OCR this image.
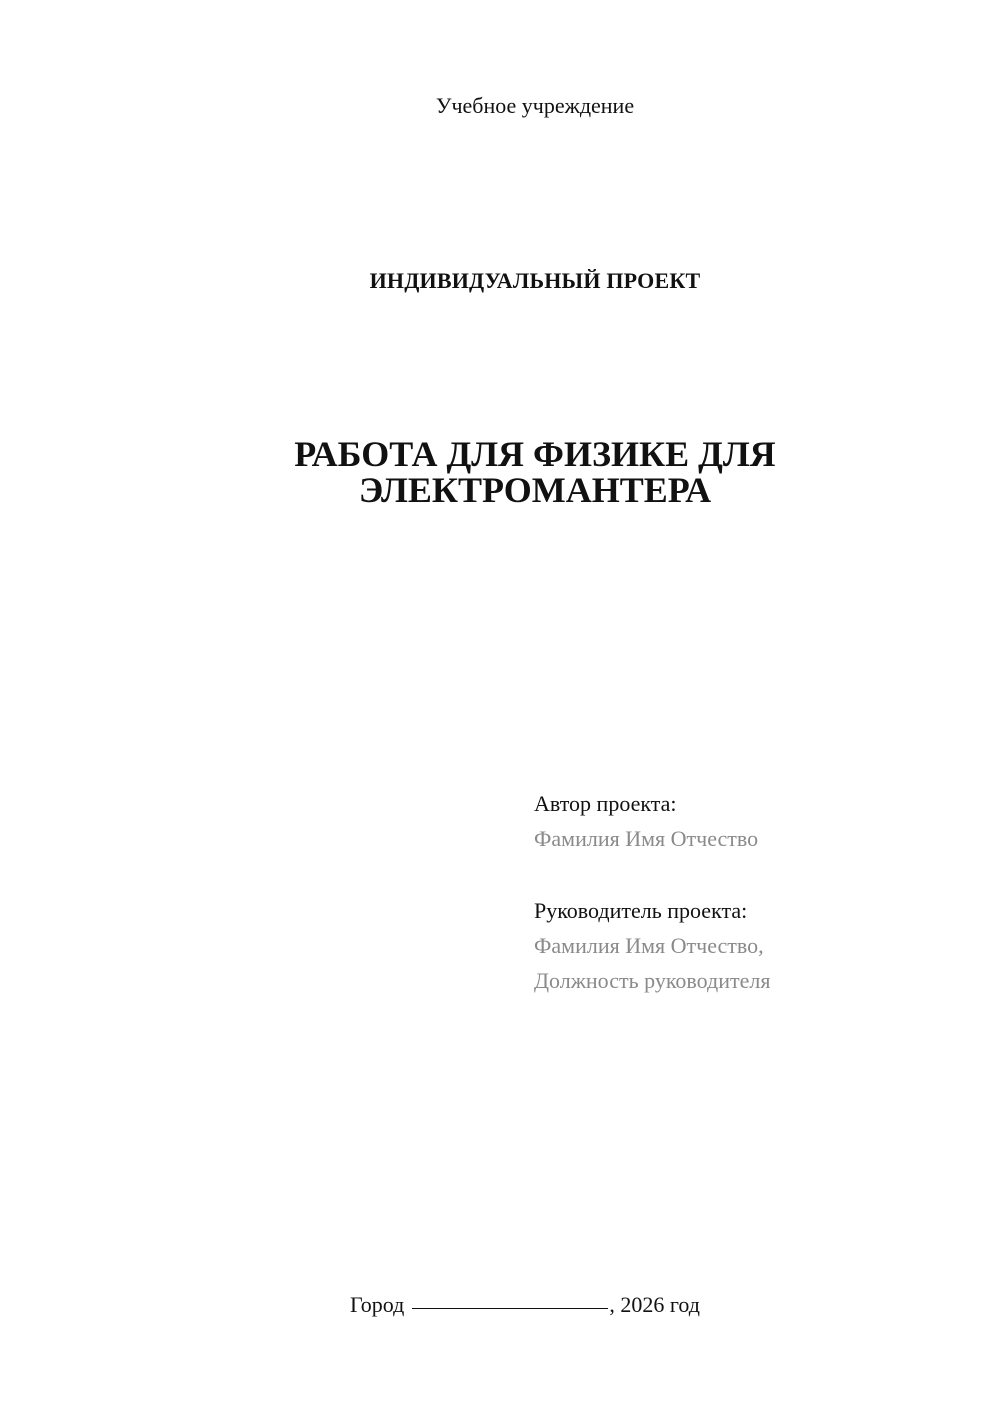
Учебное учреждение
ИНДИВИДУАЛЬНЫЙ ПРОЕКТ
РАБОТА ДЛЯ ФИЗИКЕ ДЛЯ
ЭЛЕКТРОМАНТЕРА
Автор проекта:
Фамилия Имя Отчество
Руководитель проекта:
Фамилия Имя Отчество,
Должность руководителя
Город	, 2026 год
